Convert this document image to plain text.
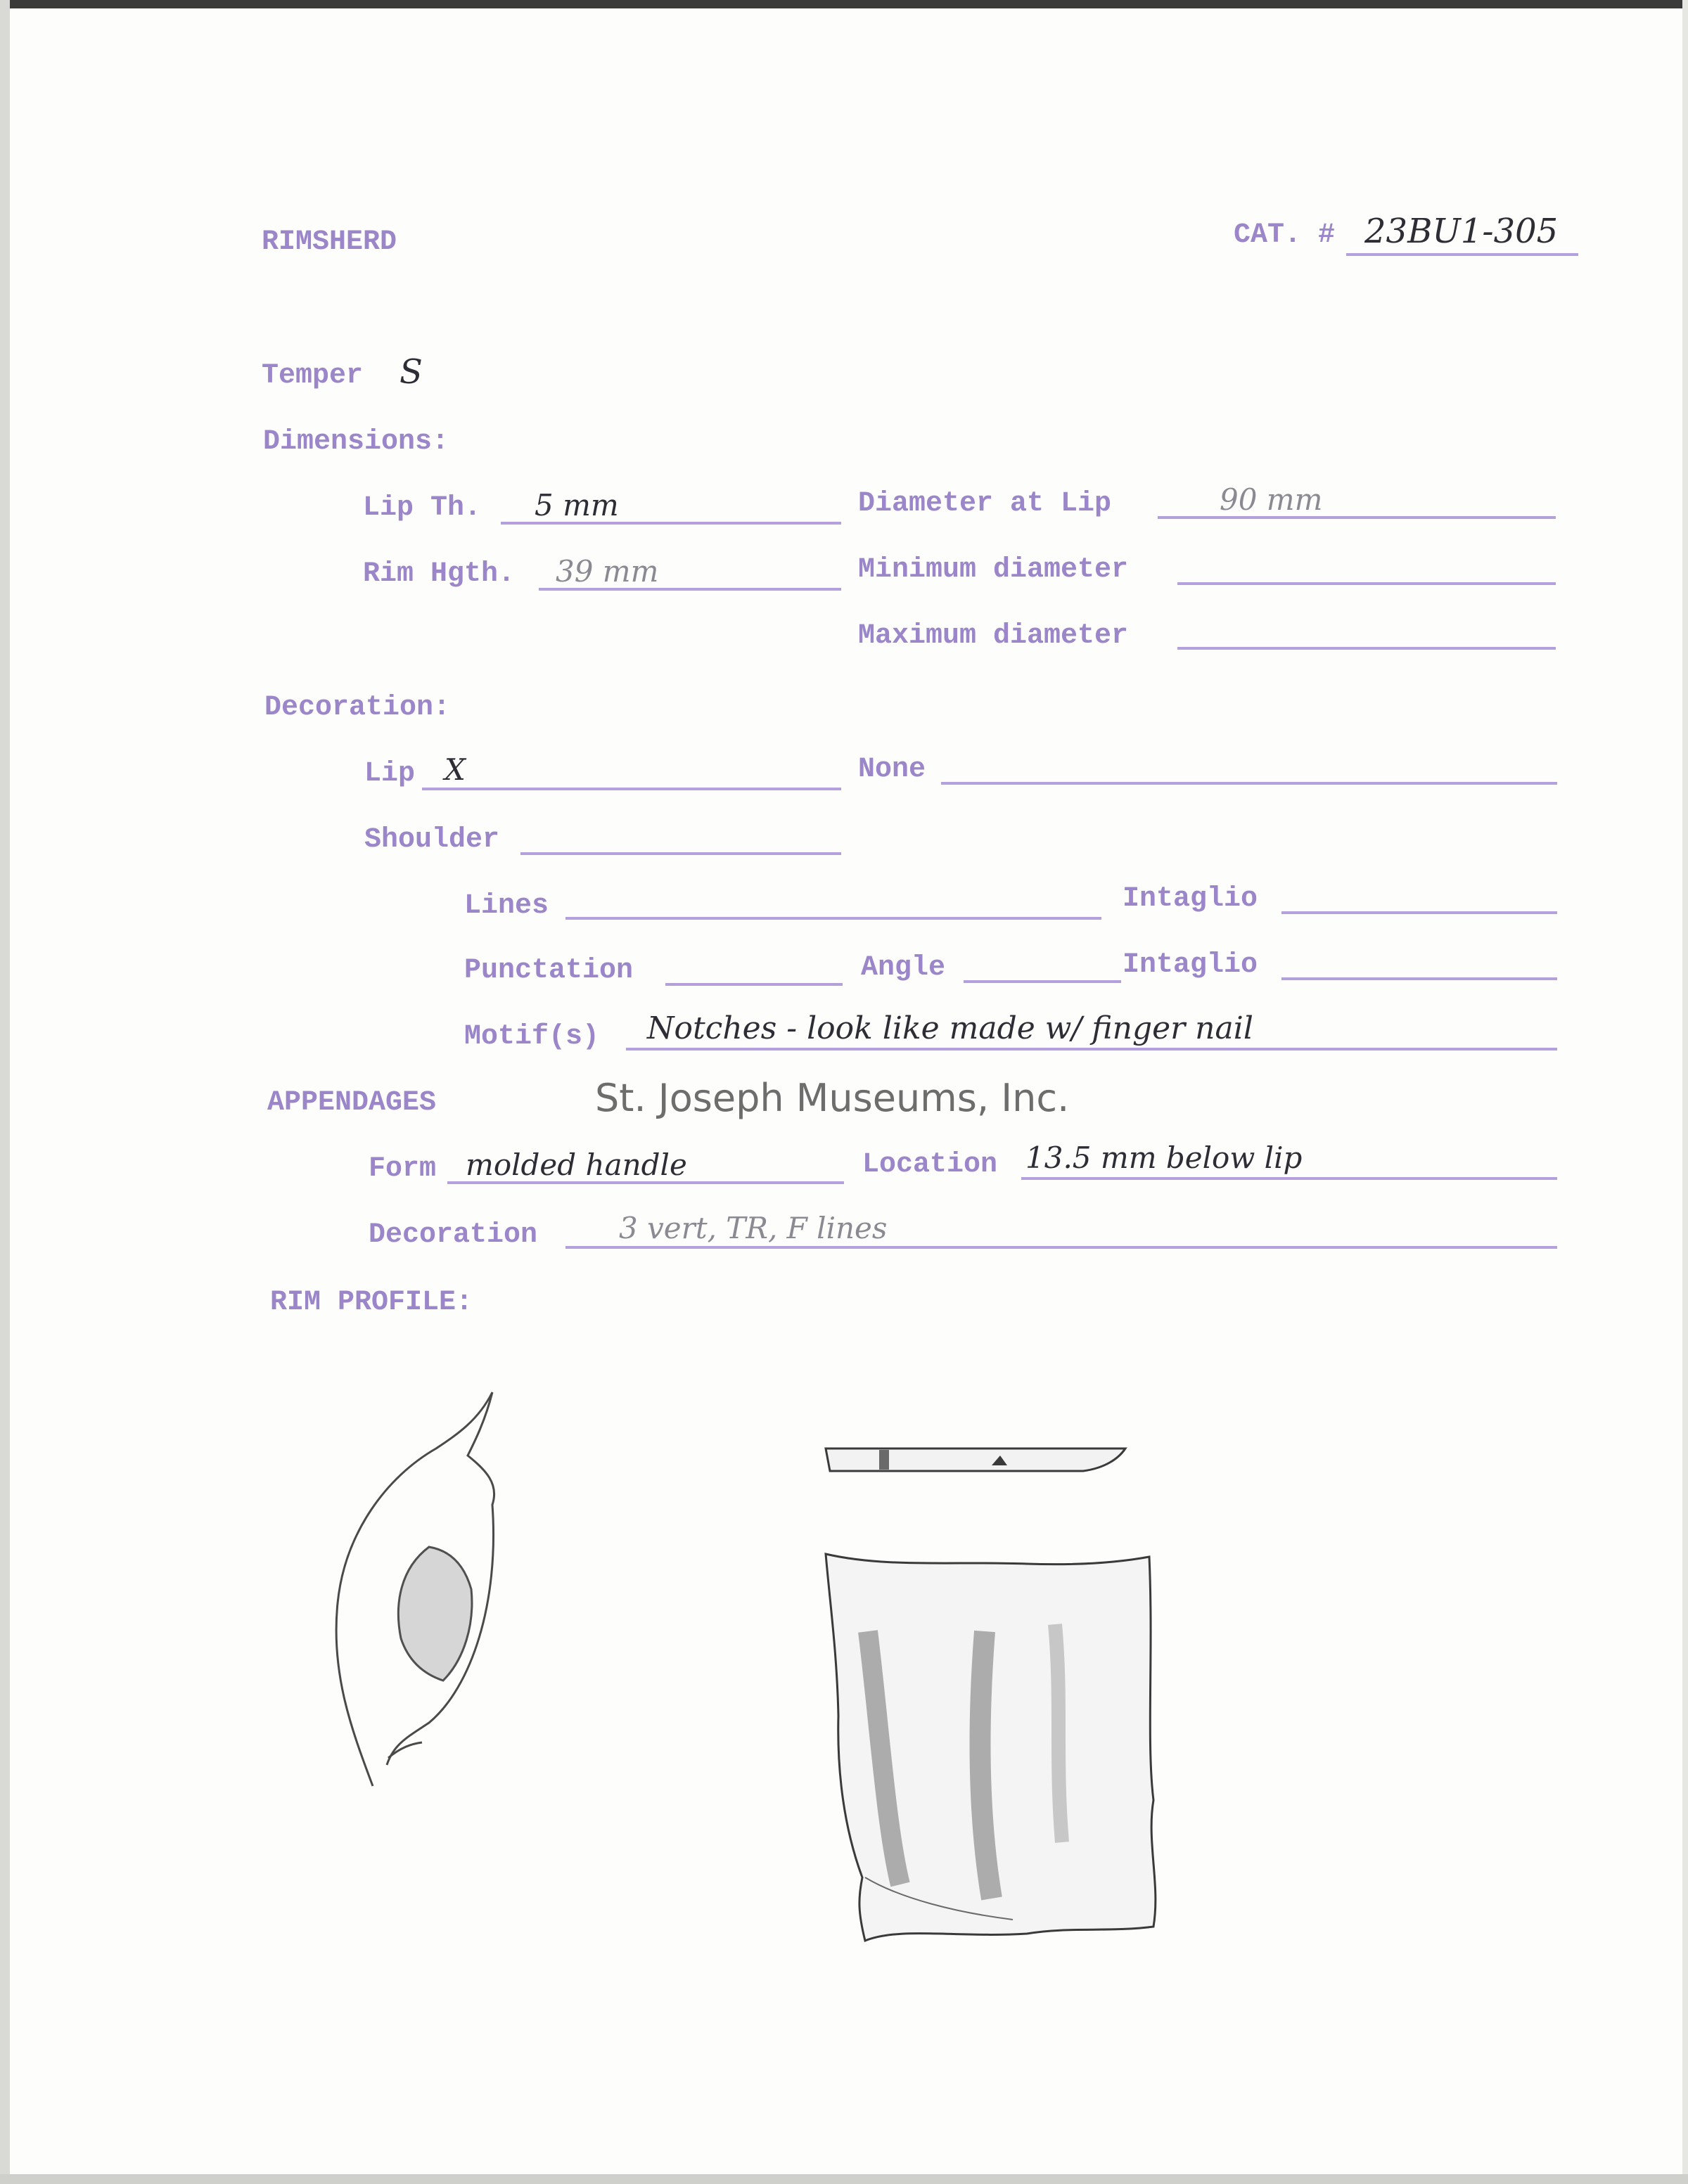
RIMSHERD	CAT. # 23BU1-305
Temper S
Dimensions:
Lip Th. 5 mm	Diameter at Lip	90 mm
Rim Hgth. 39 mm	Minimum diameter
Maximum diameter
Decoration:
Lip X	None
Shoulder
Lines	Intaglio
Punctation	Angle	Intaglio
Motif(s) Notches - look like made w/ finger nail
APPENDAGES	St. Joseph Museums, Inc.
Form molded handle	Location 13.5 mm below lip
Decoration	3 vert, TR, F lines
RIM PROFILE:
